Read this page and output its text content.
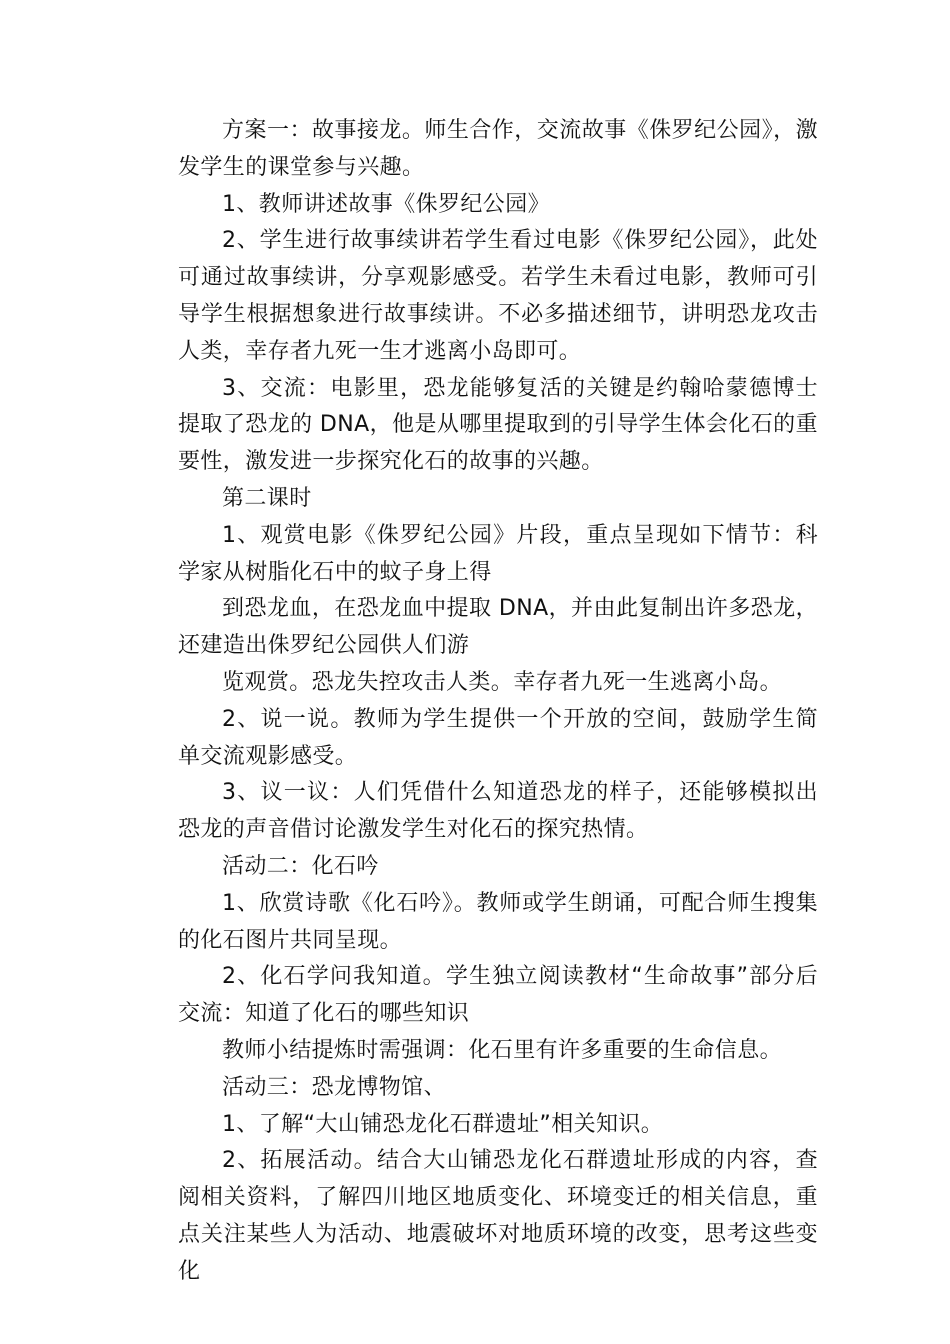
方案一：故事接龙。师生合作，交流故事《侏罗纪公园》，激发学生的课堂参与兴趣。

1、教师讲述故事《侏罗纪公园》

2、学生进行故事续讲若学生看过电影《侏罗纪公园》，此处可通过故事续讲，分享观影感受。若学生未看过电影，教师可引导学生根据想象进行故事续讲。不必多描述细节，讲明恐龙攻击人类，幸存者九死一生才逃离小岛即可。

3、交流：电影里，恐龙能够复活的关键是约翰哈蒙德博士提取了恐龙的 DNA，他是从哪里提取到的引导学生体会化石的重要性，激发进一步探究化石的故事的兴趣。

第二课时

1、观赏电影《侏罗纪公园》片段，重点呈现如下情节：科学家从树脂化石中的蚊子身上得

到恐龙血，在恐龙血中提取 DNA，并由此复制出许多恐龙，还建造出侏罗纪公园供人们游

览观赏。恐龙失控攻击人类。幸存者九死一生逃离小岛。

2、说一说。教师为学生提供一个开放的空间，鼓励学生简单交流观影感受。

3、议一议：人们凭借什么知道恐龙的样子，还能够模拟出恐龙的声音借讨论激发学生对化石的探究热情。

活动二：化石吟

1、欣赏诗歌《化石吟》。教师或学生朗诵，可配合师生搜集的化石图片共同呈现。

2、化石学问我知道。学生独立阅读教材“生命故事”部分后交流：知道了化石的哪些知识

教师小结提炼时需强调：化石里有许多重要的生命信息。

活动三：恐龙博物馆、

1、了解“大山铺恐龙化石群遗址”相关知识。

2、拓展活动。结合大山铺恐龙化石群遗址形成的内容，查阅相关资料，了解四川地区地质变化、环境变迁的相关信息，重点关注某些人为活动、地震破坏对地质环境的改变，思考这些变化
